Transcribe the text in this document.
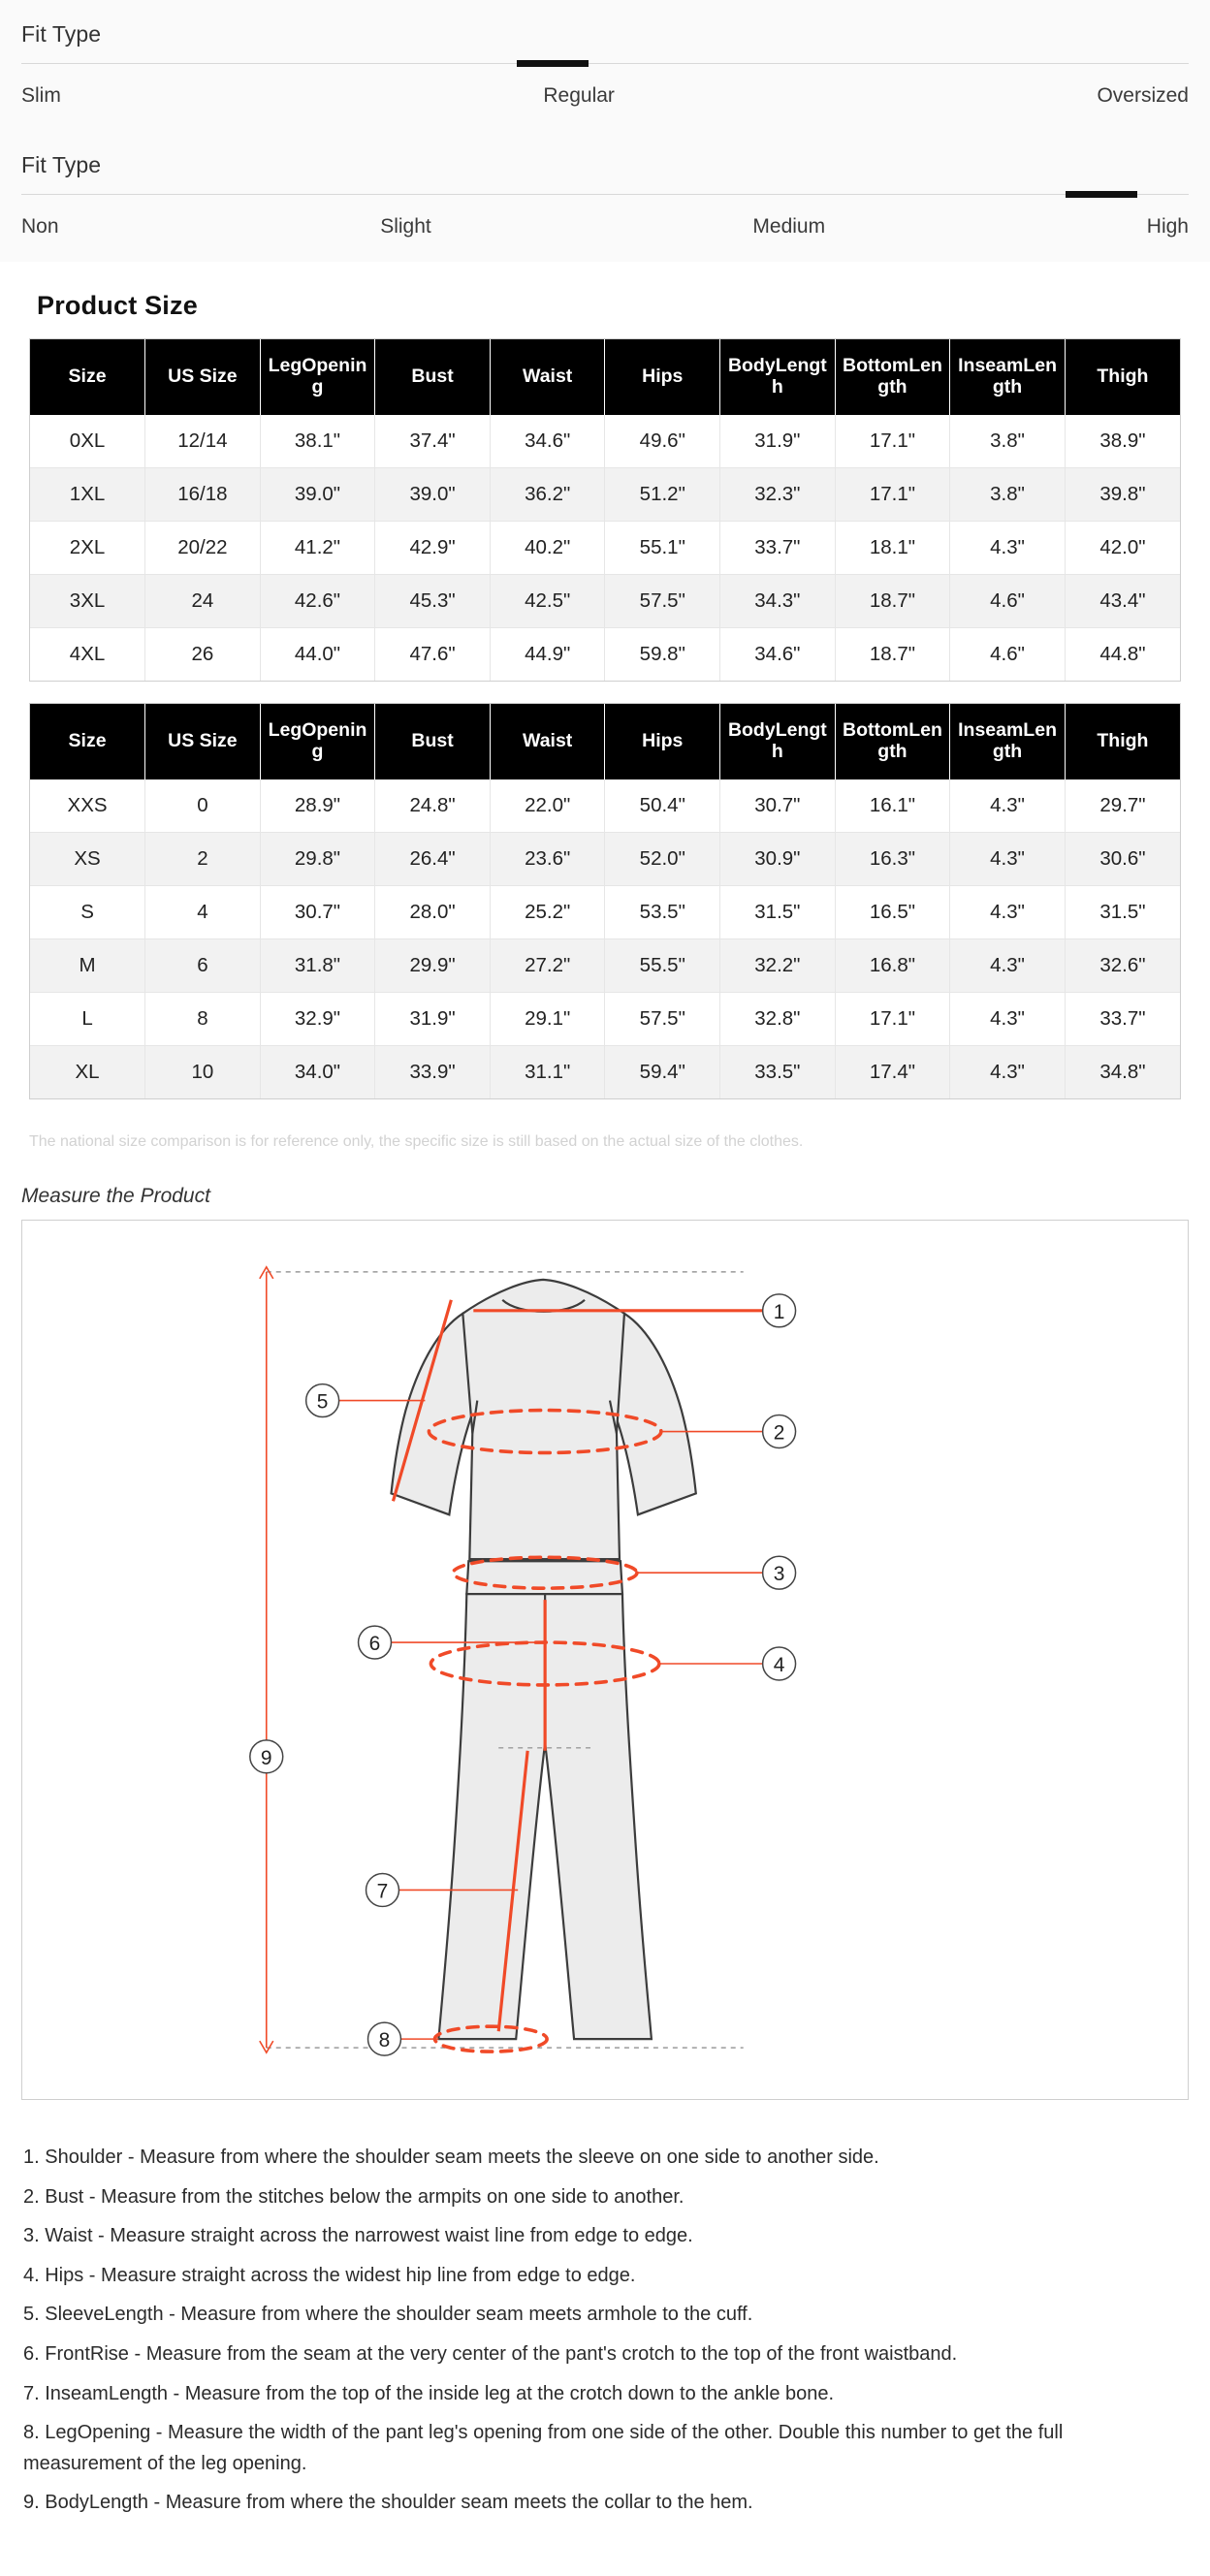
Fit Type
Slim	Regular	Oversized
Fit Type
Non	Slight	Medium	High
Product Size
Size	US Size	LegOpening	Bust	Waist	Hips	BodyLength	BottomLength	InseamLength	Thigh
0XL	12/14	38.1"	37.4"	34.6"	49.6"	31.9"	17.1"	3.8"	38.9"
1XL	16/18	39.0"	39.0"	36.2"	51.2"	32.3"	17.1"	3.8"	39.8"
2XL	20/22	41.2"	42.9"	40.2"	55.1"	33.7"	18.1"	4.3"	42.0"
3XL	24	42.6"	45.3"	42.5"	57.5"	34.3"	18.7"	4.6"	43.4"
4XL	26	44.0"	47.6"	44.9"	59.8"	34.6"	18.7"	4.6"	44.8"
Size	US Size	LegOpening	Bust	Waist	Hips	BodyLength	BottomLength	InseamLength	Thigh
XXS	0	28.9"	24.8"	22.0"	50.4"	30.7"	16.1"	4.3"	29.7"
XS	2	29.8"	26.4"	23.6"	52.0"	30.9"	16.3"	4.3"	30.6"
S	4	30.7"	28.0"	25.2"	53.5"	31.5"	16.5"	4.3"	31.5"
M	6	31.8"	29.9"	27.2"	55.5"	32.2"	16.8"	4.3"	32.6"
L	8	32.9"	31.9"	29.1"	57.5"	32.8"	17.1"	4.3"	33.7"
XL	10	34.0"	33.9"	31.1"	59.4"	33.5"	17.4"	4.3"	34.8"
The national size comparison is for reference only, the specific size is still based on the actual size of the clothes.
Measure the Product
1
2
3
4
5
6
7
8
9
1. Shoulder - Measure from where the shoulder seam meets the sleeve on one side to another side.
2. Bust - Measure from the stitches below the armpits on one side to another.
3. Waist - Measure straight across the narrowest waist line from edge to edge.
4. Hips - Measure straight across the widest hip line from edge to edge.
5. SleeveLength - Measure from where the shoulder seam meets armhole to the cuff.
6. FrontRise - Measure from the seam at the very center of the pant's crotch to the top of the front waistband.
7. InseamLength - Measure from the top of the inside leg at the crotch down to the ankle bone.
8. LegOpening - Measure the width of the pant leg's opening from one side of the other. Double this number to get the full measurement of the leg opening.
9. BodyLength - Measure from where the shoulder seam meets the collar to the hem.
